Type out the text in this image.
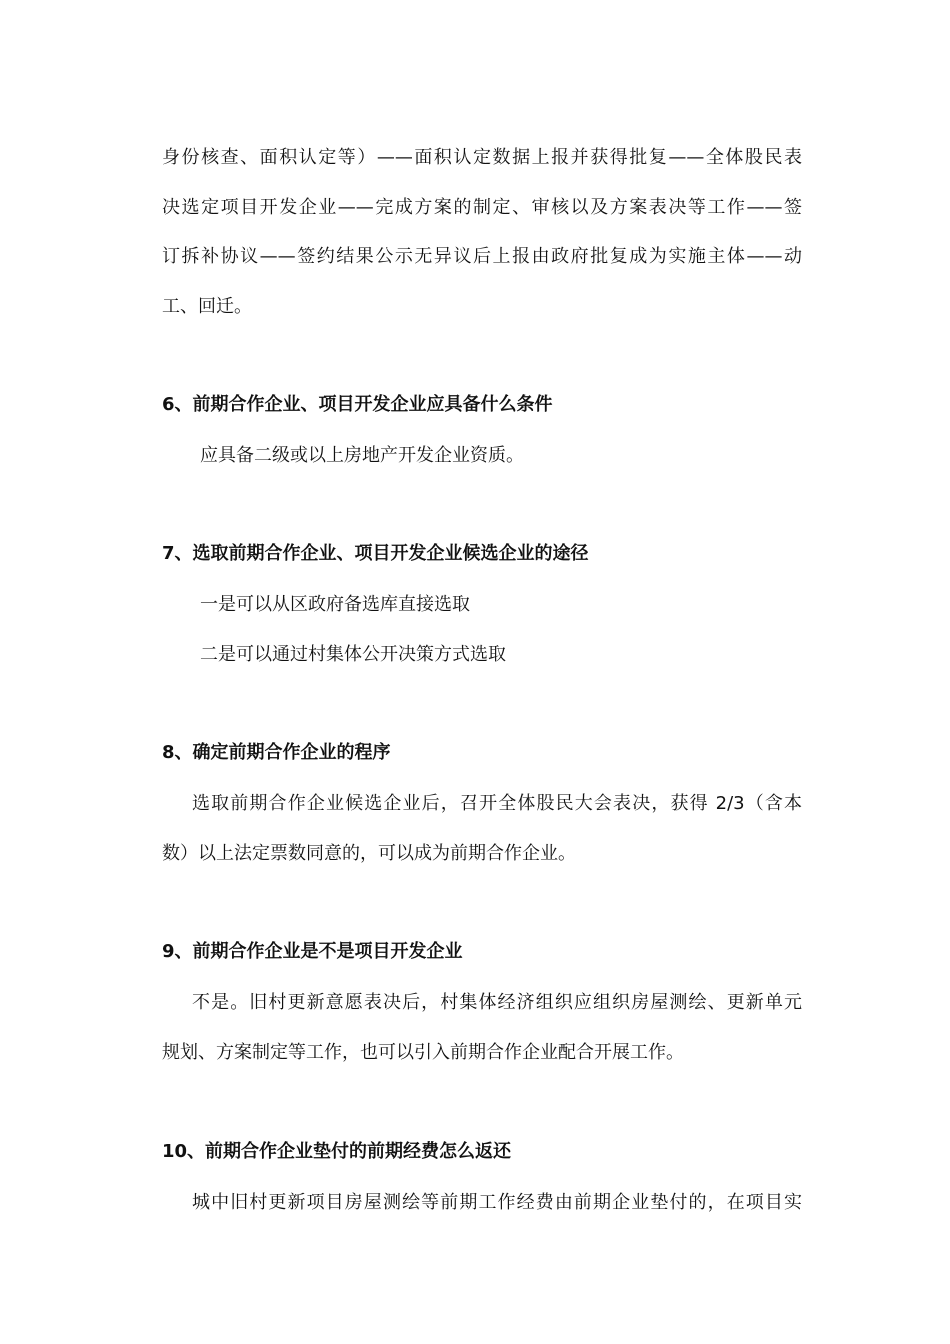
身份核查、面积认定等）——面积认定数据上报并获得批复——全体股民表
决选定项目开发企业——完成方案的制定、审核以及方案表决等工作——签
订拆补协议——签约结果公示无异议后上报由政府批复成为实施主体——动
工、回迁。
6、前期合作企业、项目开发企业应具备什么条件
应具备二级或以上房地产开发企业资质。
7、选取前期合作企业、项目开发企业候选企业的途径
一是可以从区政府备选库直接选取
二是可以通过村集体公开决策方式选取
8、确定前期合作企业的程序
选取前期合作企业候选企业后，召开全体股民大会表决，获得 2/3（含本
数）以上法定票数同意的，可以成为前期合作企业。
9、前期合作企业是不是项目开发企业
不是。旧村更新意愿表决后，村集体经济组织应组织房屋测绘、更新单元
规划、方案制定等工作，也可以引入前期合作企业配合开展工作。
10、前期合作企业垫付的前期经费怎么返还
城中旧村更新项目房屋测绘等前期工作经费由前期企业垫付的，在项目实
